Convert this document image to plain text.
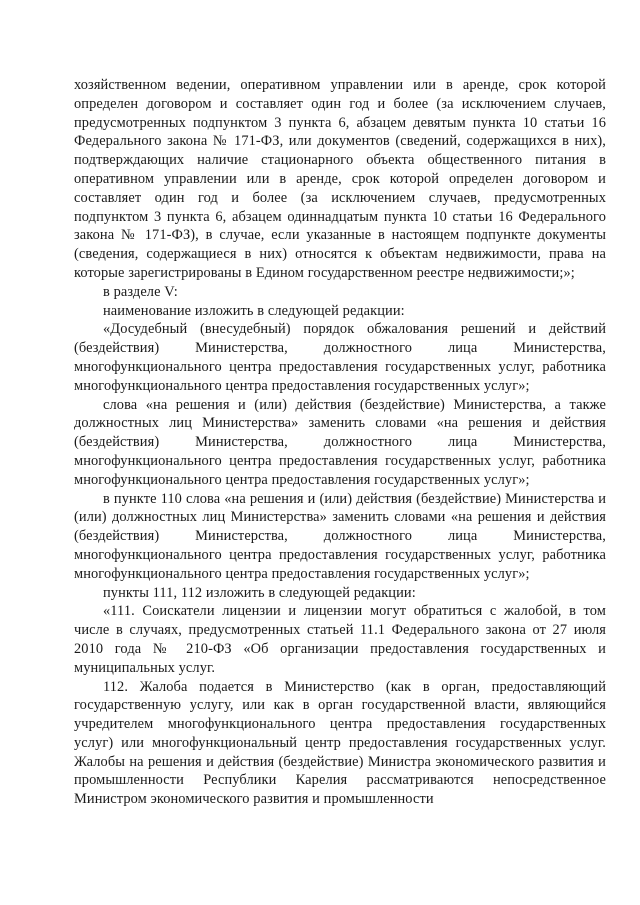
хозяйственном ведении, оперативном управлении или в аренде, срок которой определен договором и составляет один год и более (за исключением случаев, предусмотренных подпунктом 3 пункта 6, абзацем девятым пункта 10 статьи 16 Федерального закона № 171-ФЗ, или документов (сведений, содержащихся в них), подтверждающих наличие стационарного объекта общественного питания в оперативном управлении или в аренде, срок которой определен договором и составляет один год и более (за исключением случаев, предусмотренных подпунктом 3 пункта 6, абзацем одиннадцатым пункта 10 статьи 16 Федерального закона № 171-ФЗ), в случае, если указанные в настоящем подпункте документы (сведения, содержащиеся в них) относятся к объектам недвижимости, права на которые зарегистрированы в Едином государственном реестре недвижимости;»;

в разделе V:

наименование изложить в следующей редакции:

«Досудебный (внесудебный) порядок обжалования решений и действий (бездействия) Министерства, должностного лица Министерства, многофункционального центра предоставления государственных услуг, работника многофункционального центра предоставления государственных услуг»;

слова «на решения и (или) действия (бездействие) Министерства, а также должностных лиц Министерства» заменить словами «на решения и действия (бездействия) Министерства, должностного лица Министерства, многофункционального центра предоставления государственных услуг, работника многофункционального центра предоставления государственных услуг»;

в пункте 110 слова «на решения и (или) действия (бездействие) Министерства и (или) должностных лиц Министерства» заменить словами «на решения и действия (бездействия) Министерства, должностного лица Министерства, многофункционального центра предоставления государственных услуг, работника многофункционального центра предоставления государственных услуг»;

пункты 111, 112 изложить в следующей редакции:

«111. Соискатели лицензии и лицензии могут обратиться с жалобой, в том числе в случаях, предусмотренных статьей 11.1 Федерального закона от 27 июля 2010 года № 210-ФЗ «Об организации предоставления государственных и муниципальных услуг.

112. Жалоба подается в Министерство (как в орган, предоставляющий государственную услугу, или как в орган государственной власти, являющийся учредителем многофункционального центра предоставления государственных услуг) или многофункциональный центр предоставления государственных услуг. Жалобы на решения и действия (бездействие) Министра экономического развития и промышленности Республики Карелия рассматриваются непосредственное Министром экономического развития и промышленности
